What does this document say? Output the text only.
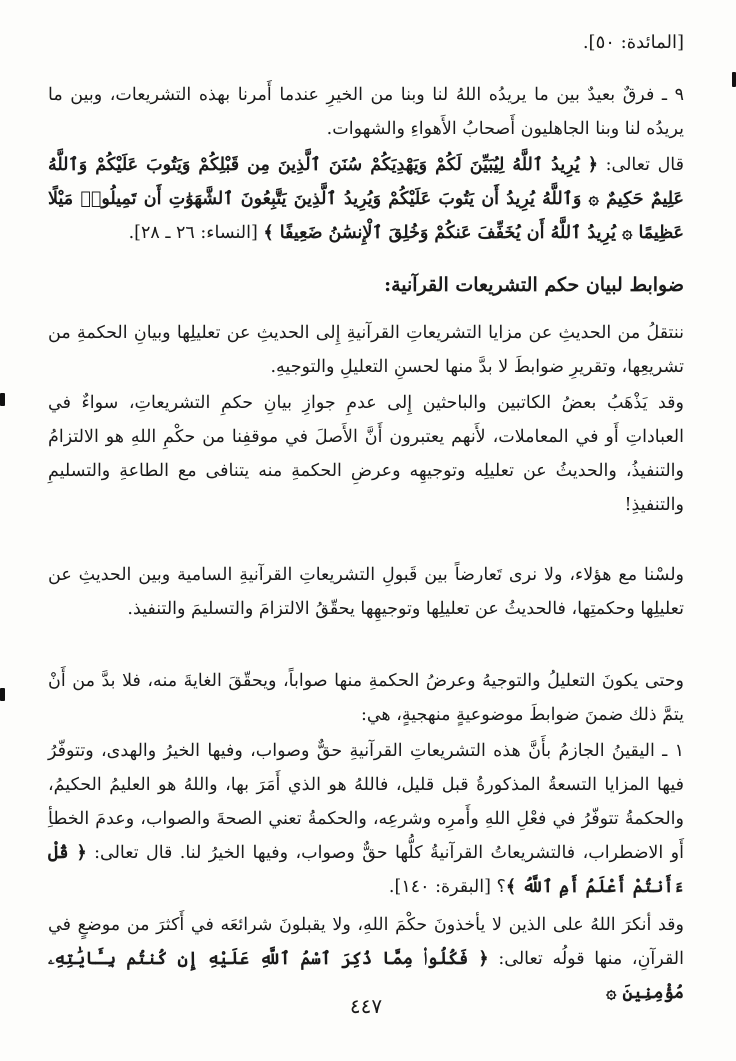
[المائدة: ٥٠].
٩ ـ فرقٌ بعيدٌ بين ما يريدُه اللهُ لنا وبنا من الخيرِ عندما أَمرنا بهذه التشريعات، وبين ما يريدُه لنا وبنا الجاهليون أَصحابُ الأَهواءِ والشهوات.
قال تعالى: ﴿ يُرِيدُ ٱللَّهُ لِيُبَيِّنَ لَكُمْ وَيَهْدِيَكُمْ سُنَنَ ٱلَّذِينَ مِن قَبْلِكُمْ وَيَتُوبَ عَلَيْكُمْ وَٱللَّهُ عَلِيمٌ حَكِيمٌ ۞ وَٱللَّهُ يُرِيدُ أَن يَتُوبَ عَلَيْكُمْ وَيُرِيدُ ٱلَّذِينَ يَتَّبِعُونَ ٱلشَّهَوَٰتِ أَن تَمِيلُوا۟ مَيْلًا عَظِيمًا ۞ يُرِيدُ ٱللَّهُ أَن يُخَفِّفَ عَنكُمْ وَخُلِقَ ٱلْإِنسَٰنُ ضَعِيفًا ﴾ [النساء: ٢٦ ـ ٢٨].
ضوابط لبيان حكم التشريعات القرآنية:
ننتقلُ من الحديثِ عن مزايا التشريعاتِ القرآنيةِ إِلى الحديثِ عن تعليلِها وبيانِ الحكمةِ من تشريعِها، وتقريرِ ضوابطَ لا بدَّ منها لحسنِ التعليلِ والتوجيهِ.
وقد يَذْهَبُ بعضُ الكاتبين والباحثين إِلى عدمِ جوازِ بيانِ حكمِ التشريعاتِ، سواءٌ في العباداتِ أَو في المعاملات، لأَنهم يعتبرون أَنَّ الأَصلَ في موقفِنا من حكْمِ اللهِ هو الالتزامُ والتنفيذُ، والحديثُ عن تعليلِه وتوجيهِه وعرضِ الحكمةِ منه يتنافى مع الطاعةِ والتسليمِ والتنفيذِ!
ولسْنا مع هؤلاء، ولا نرى تَعارضاً بين قَبولِ التشريعاتِ القرآنيةِ السامية وبين الحديثِ عن تعليلِها وحكمتِها، فالحديثُ عن تعليلِها وتوجيهِها يحقّقُ الالتزامَ والتسليمَ والتنفيذ.
وحتى يكونَ التعليلُ والتوجيهُ وعرضُ الحكمةِ منها صواباً، ويحقّقَ الغايةَ منه، فلا بدَّ من أَنْ يتمَّ ذلك ضمنَ ضوابطَ موضوعيةٍ منهجيةٍ، هي:
١ ـ اليقينُ الجازمُ بأَنَّ هذه التشريعاتِ القرآنيةِ حقٌّ وصواب، وفيها الخيرُ والهدى، وتتوفّرُ فيها المزايا التسعةُ المذكورةُ قبل قليل، فاللهُ هو الذي أَمَرَ بها، واللهُ هو العليمُ الحكيمُ، والحكمةُ تتوفّرُ في فعْلِ اللهِ وأَمرِه وشرعِه، والحكمةُ تعني الصحةَ والصواب، وعدمَ الخطأِ أَو الاضطراب، فالتشريعاتُ القرآنيةُ كلُّها حقٌّ وصواب، وفيها الخيرُ لنا. قال تعالى: ﴿ قُلْ ءَأَنتُمْ أَعْلَمُ أَمِ ٱللَّهُ ﴾؟ [البقرة: ١٤٠].
وقد أنكرَ اللهُ على الذين لا يأخذونَ حكْمَ اللهِ، ولا يقبلونَ شرائعَه في أَكثرَ من موضعٍ في القرآنِ، منها قولُه تعالى: ﴿ فَكُلُوا۟ مِمَّا ذُكِرَ ٱسْمُ ٱللَّهِ عَلَيْهِ إِن كُنتُم بِـَٔايَٰتِهِۦ مُؤْمِنِينَ ۞
٤٤٧
